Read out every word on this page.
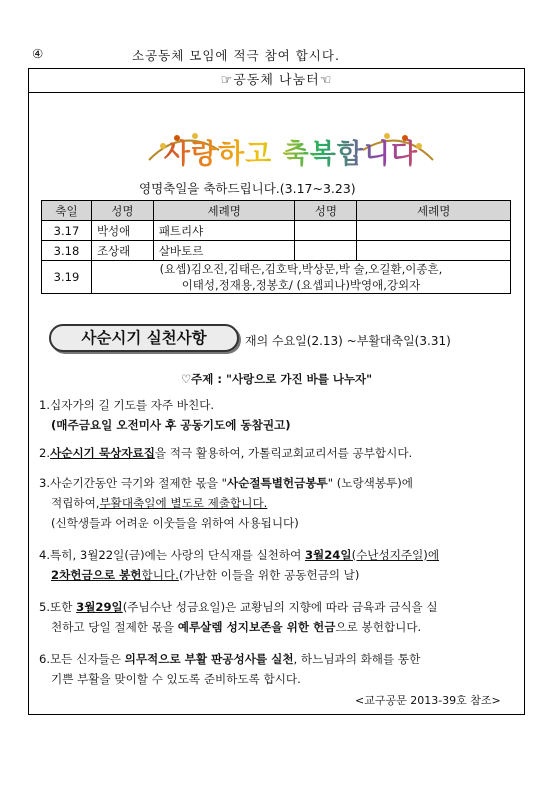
④	소공동체 모임에 적극 참여 합시다.
☞공동체 나눔터☜
사랑하고 축복합니다
영명축일을 축하드립니다.(3.17~3.23)
축일	성명	세례명	성명	세례명
3.17	박성애	패트리샤		
3.18	조상래	살바토르		
3.19	(요셉)김오진,김태은,김호탁,박상문,박 술,오길환,이종흔,
이태성,정재용,정봉호/ (요셉피나)박영애,강외자			
사순시기 실천사항	재의 수요일(2.13) ~부활대축일(3.31)
♡주제 : "사랑으로 가진 바를 나누자"
1.십자가의 길 기도를 자주 바친다.
(매주금요일 오전미사 후 공동기도에 동참권고)
2.사순시기 묵상자료집을 적극 활용하여, 가톨릭교회교리서를 공부합시다.
3.사순기간동안 극기와 절제한 몫을 "사순절특별헌금봉투" (노랑색봉투)에
적립하여,부활대축일에 별도로 제출합니다.
(신학생들과 어려운 이웃들을 위하여 사용됩니다)
4.특히, 3월22일(금)에는 사랑의 단식재를 실천하여 3월24일(수난성지주일)에
2차헌금으로 봉헌합니다.(가난한 이들을 위한 공동헌금의 날)
5.또한 3월29일(주님수난 성금요일)은 교황님의 지향에 따라 금육과 금식을 실
천하고 당일 절제한 몫을 예루살렘 성지보존을 위한 헌금으로 봉헌합니다.
6.모든 신자들은 의무적으로 부활 판공성사를 실천, 하느님과의 화해를 통한
기쁜 부활을 맞이할 수 있도록 준비하도록 합시다.
<교구공문 2013-39호 참조>
